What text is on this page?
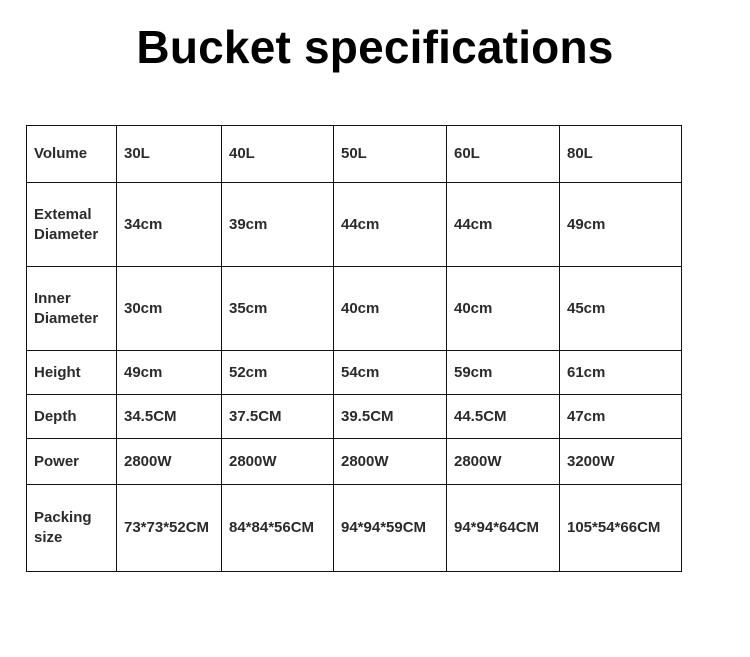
Bucket specifications
Volume	30L	40L	50L	60L	80L
Extemal Diameter	34cm	39cm	44cm	44cm	49cm
Inner Diameter	30cm	35cm	40cm	40cm	45cm
Height	49cm	52cm	54cm	59cm	61cm
Depth	34.5CM	37.5CM	39.5CM	44.5CM	47cm
Power	2800W	2800W	2800W	2800W	3200W
Packing size	73*73*52CM	84*84*56CM	94*94*59CM	94*94*64CM	105*54*66CM
